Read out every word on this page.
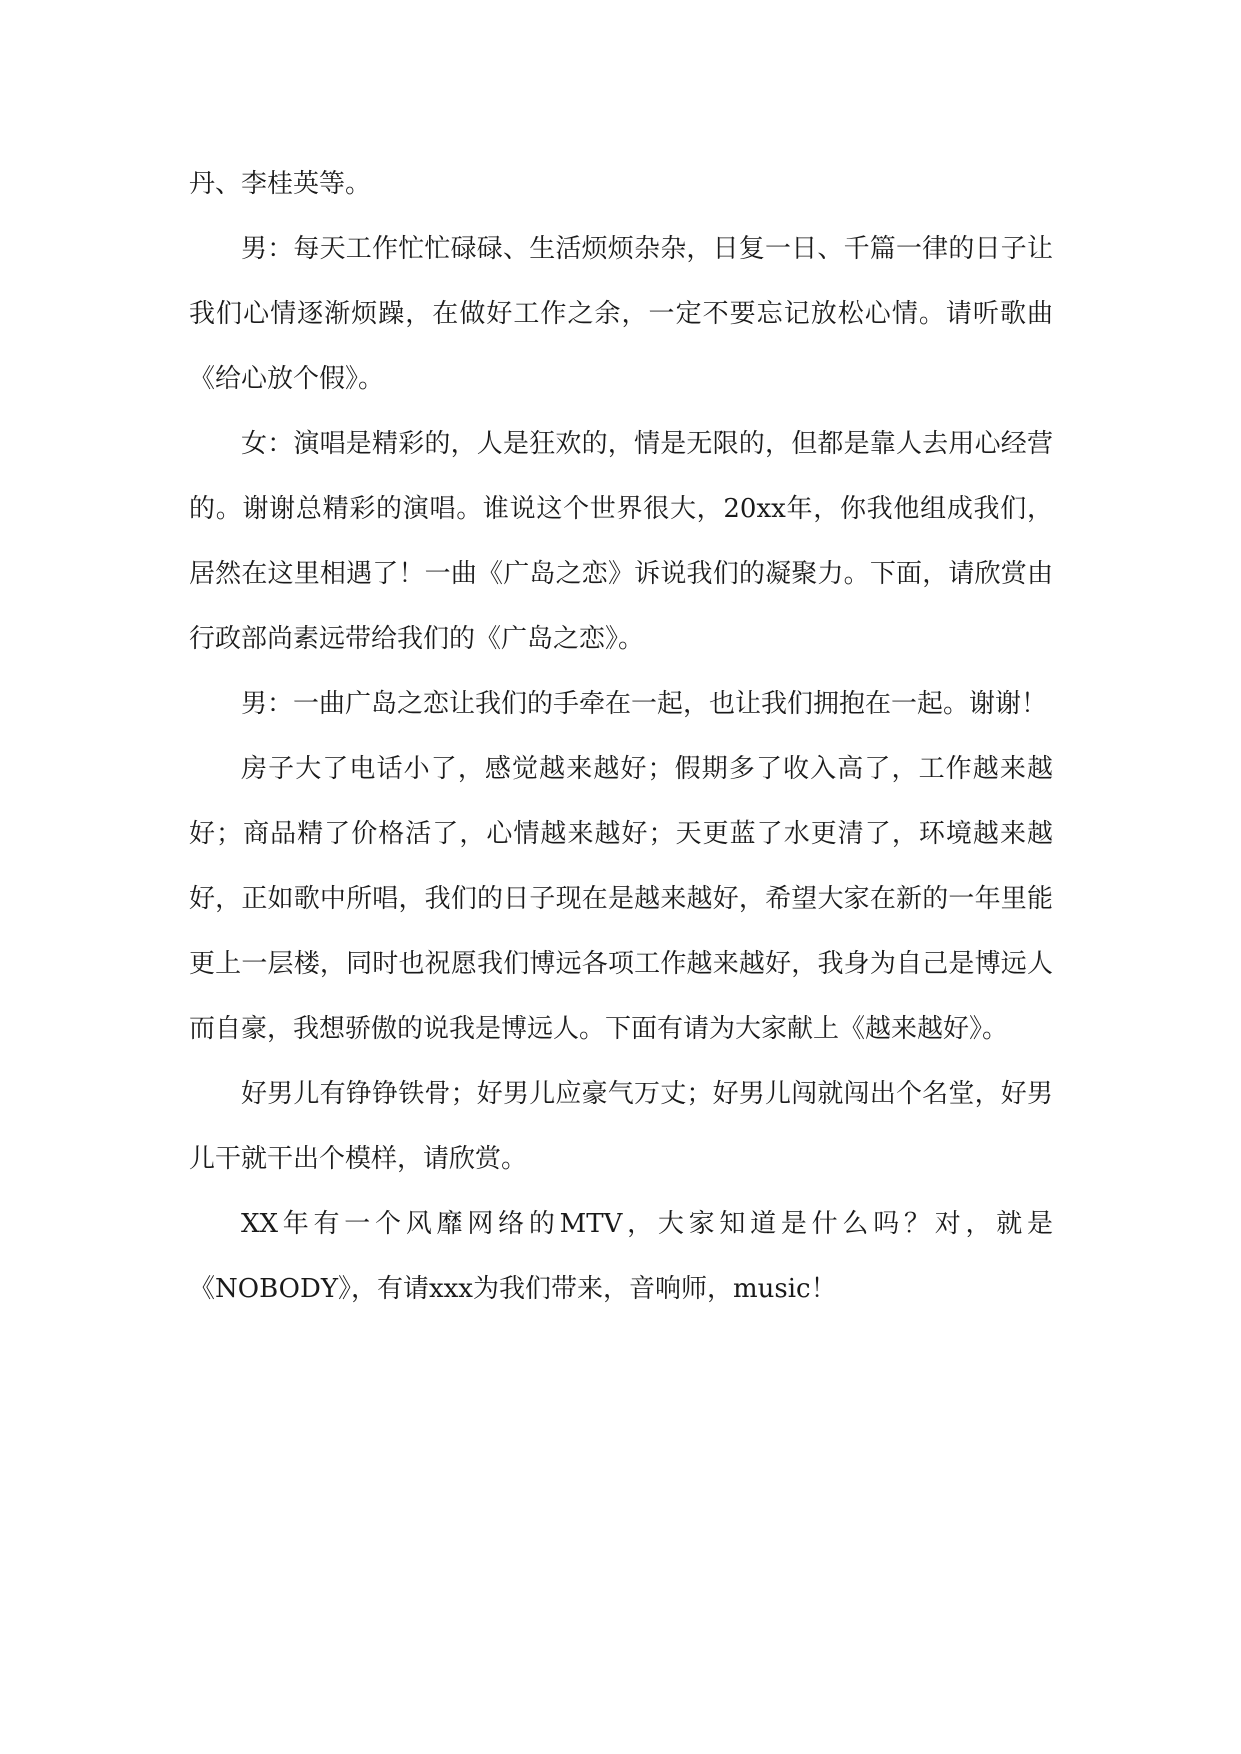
丹、李桂英等。

男：每天工作忙忙碌碌、生活烦烦杂杂，日复一日、千篇一律的日子让我们心情逐渐烦躁，在做好工作之余，一定不要忘记放松心情。请听歌曲《给心放个假》。

女：演唱是精彩的，人是狂欢的，情是无限的，但都是靠人去用心经营的。谢谢总精彩的演唱。谁说这个世界很大，20xx年，你我他组成我们，居然在这里相遇了！一曲《广岛之恋》诉说我们的凝聚力。下面，请欣赏由行政部尚素远带给我们的《广岛之恋》。

男：一曲广岛之恋让我们的手牵在一起，也让我们拥抱在一起。谢谢！

房子大了电话小了，感觉越来越好；假期多了收入高了，工作越来越好；商品精了价格活了，心情越来越好；天更蓝了水更清了，环境越来越好，正如歌中所唱，我们的日子现在是越来越好，希望大家在新的一年里能更上一层楼，同时也祝愿我们博远各项工作越来越好，我身为自己是博远人而自豪，我想骄傲的说我是博远人。下面有请为大家献上《越来越好》。

好男儿有铮铮铁骨；好男儿应豪气万丈；好男儿闯就闯出个名堂，好男儿干就干出个模样，请欣赏。

XX年有一个风靡网络的MTV，大家知道是什么吗？对，就是《NOBODY》，有请xxx为我们带来，音响师，music！
